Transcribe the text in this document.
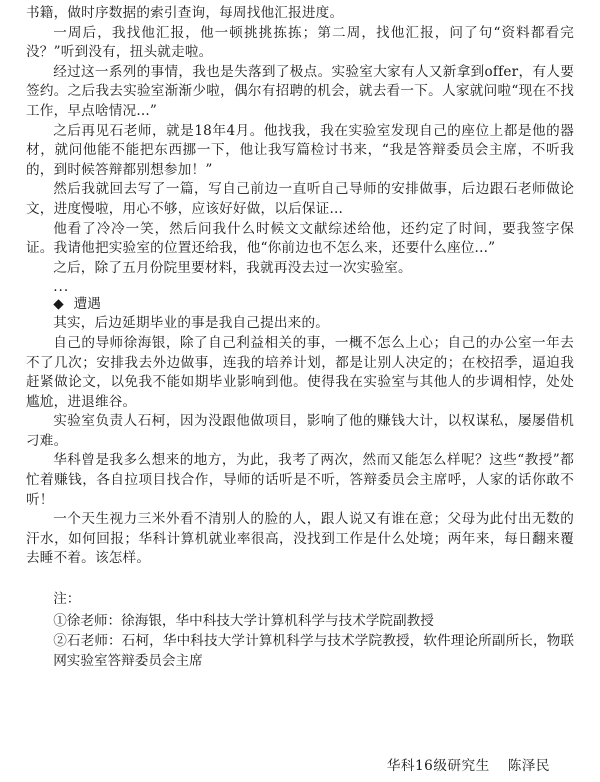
书籍，做时序数据的索引查询，每周找他汇报进度。

一周后，我找他汇报，他一顿挑挑拣拣；第二周，找他汇报，问了句“资料都看完没？”听到没有，扭头就走啦。

经过这一系列的事情，我也是失落到了极点。实验室大家有人又新拿到offer，有人要签约。之后我去实验室渐渐少啦，偶尔有招聘的机会，就去看一下。人家就问啦“现在不找工作，早点啥情况...”

之后再见石老师，就是18年4月。他找我，我在实验室发现自己的座位上都是他的器材，就问他能不能把东西挪一下，他让我写篇检讨书来，“我是答辩委员会主席，不听我的，到时候答辩都别想参加！”

然后我就回去写了一篇，写自己前边一直听自己导师的安排做事，后边跟石老师做论文，进度慢啦，用心不够，应该好好做，以后保证...

他看了冷冷一笑，然后问我什么时候文文献综述给他，还约定了时间，要我签字保证。我请他把实验室的位置还给我，他“你前边也不怎么来，还要什么座位...”

之后，除了五月份院里要材料，我就再没去过一次实验室。

...

◆ 遭遇

其实，后边延期毕业的事是我自己提出来的。

自己的导师徐海银，除了自己利益相关的事，一概不怎么上心；自己的办公室一年去不了几次；安排我去外边做事，连我的培养计划，都是让别人决定的；在校招季，逼迫我赶紧做论文，以免我不能如期毕业影响到他。使得我在实验室与其他人的步调相悖，处处尴尬，进退维谷。

实验室负责人石柯，因为没跟他做项目，影响了他的赚钱大计，以权谋私，屡屡借机刁难。

华科曾是我多么想来的地方，为此，我考了两次，然而又能怎么样呢？这些“教授”都忙着赚钱，各自拉项目找合作，导师的话听是不听，答辩委员会主席呼，人家的话你敢不听！

一个天生视力三米外看不清别人的脸的人，跟人说又有谁在意；父母为此付出无数的汗水，如何回报；华科计算机就业率很高，没找到工作是什么处境；两年来，每日翻来覆去睡不着。该怎样。

注：

①徐老师：徐海银，华中科技大学计算机科学与技术学院副教授

②石老师：石柯，华中科技大学计算机科学与技术学院教授，软件理论所副所长，物联网实验室答辩委员会主席

华科16级研究生 陈泽民
